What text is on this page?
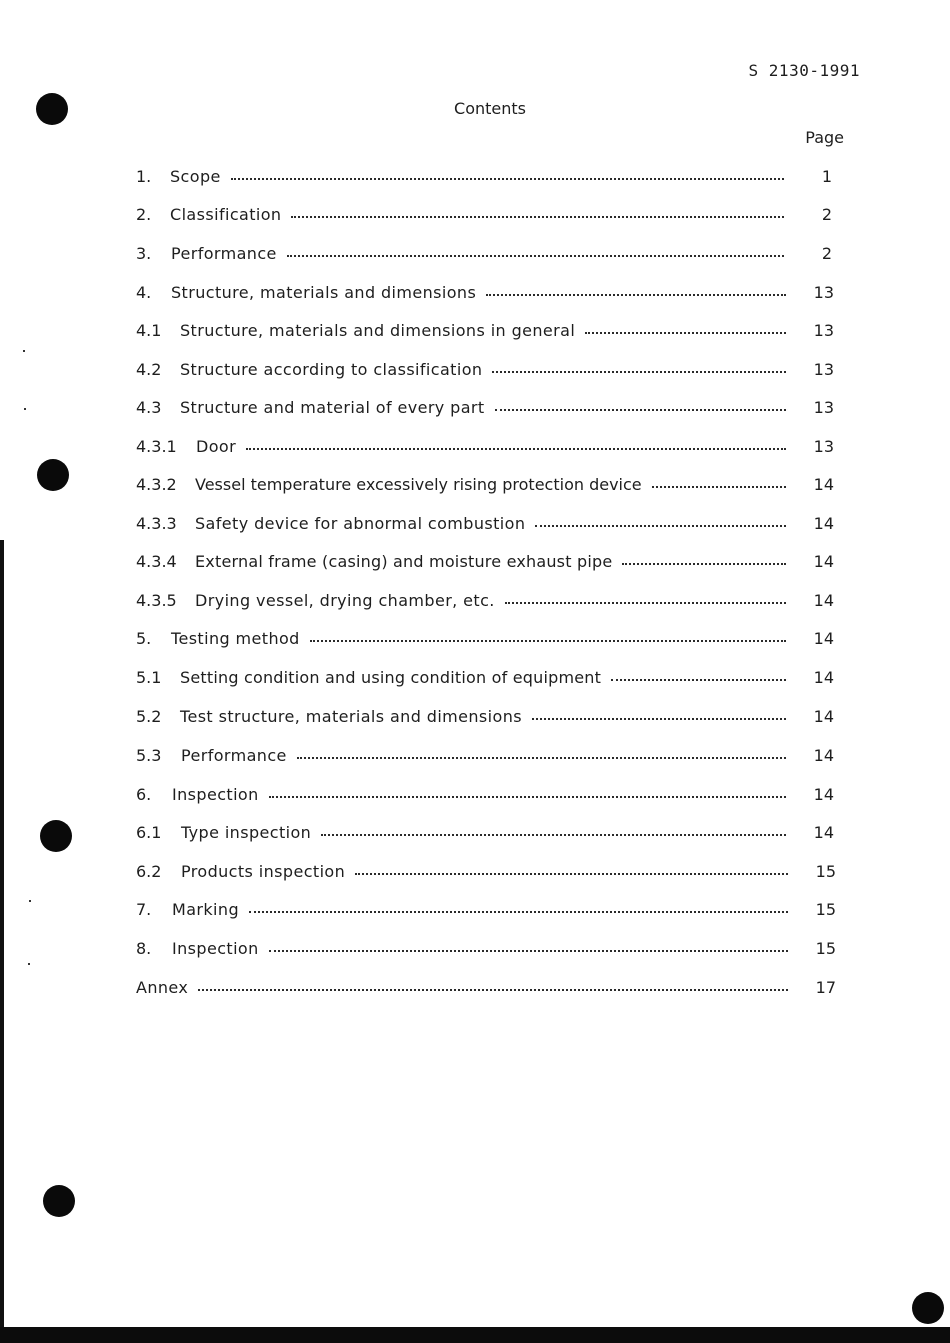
S 2130-1991
Contents
Page
1.	Scope	1
2.	Classification	2
3.	Performance	2
4.	Structure, materials and dimensions	13
4.1	Structure, materials and dimensions in general	13
4.2	Structure according to classification	13
4.3	Structure and material of every part	13
4.3.1	Door	13
4.3.2	Vessel temperature excessively rising protection device	14
4.3.3	Safety device for abnormal combustion	14
4.3.4	External frame (casing) and moisture exhaust pipe	14
4.3.5	Drying vessel, drying chamber, etc.	14
5.	Testing method	14
5.1	Setting condition and using condition of equipment	14
5.2	Test structure, materials and dimensions	14
5.3	Performance	14
6.	Inspection	14
6.1	Type inspection	14
6.2	Products inspection	15
7.	Marking	15
8.	Inspection	15
Annex	17
